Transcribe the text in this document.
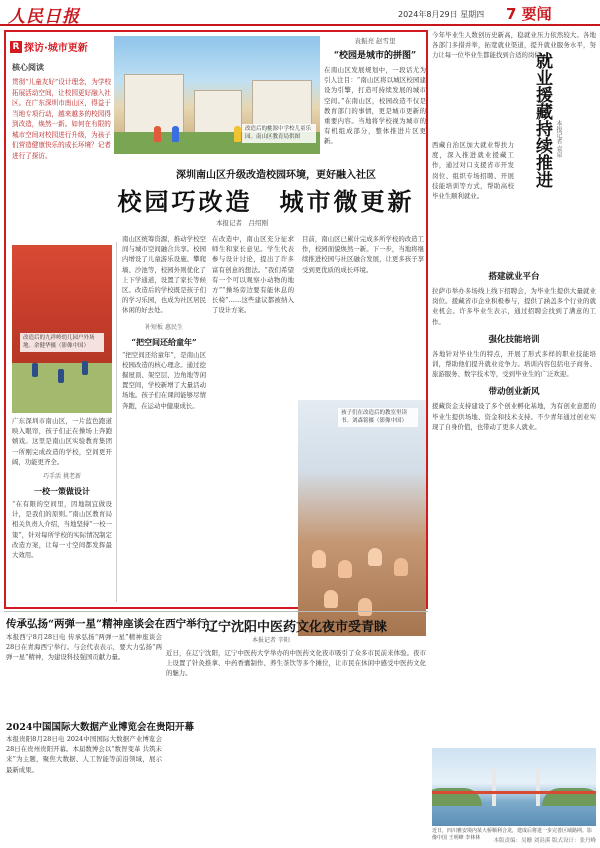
人民日报	2024年8月29日 星期四 7 要闻
R 探访·城市更新
核心阅读
贯彻“儿童友好”设计理念，为学校拓展活动空间，让校园更好融入社区。在广东深圳市南山区，得益于当地专项行动，越来越多的校园得到改造，焕然一新。如何在有限的城市空间对校园进行升级，为孩子们营造健康快乐的成长环境？记者进行了探访。
改造后的桃源中学校儿童乐园。南山区教育局供图
袁振亮 赵雪里
“校园是城市的拼图”
在南山区发展规划中，一段话尤为引人注目：“南山区将以城区校园建设为引擎，打造可持续发展的城市空间。”在南山区，校园改造不仅是教育部门的事情，更是城市更新的重要内容。当地将学校视为城市的有机组成部分，整体推进片区更新。
深圳南山区升级改造校园环境，更好融入社区
校园巧改造　城市微更新
本报记者　吕绍刚
改造后的九祥岭幼儿园户外场地。余健华摄（影像中国）
广东深圳市南山区，一片蓝色跑道映入眼帘，孩子们正在操场上奔跑嬉戏。这里是南山区实验教育集团一所刚完成改造的学校，空间更开阔，功能更齐全。
巧手活 挑老新
一校一策做设计
“在有限的空间里，因地制宜做设计，是我们的原则。”南山区教育局相关负责人介绍，当地坚持“一校一策”，针对每所学校的实际情况制定改造方案，让每一寸空间都发挥最大效用。
南山区统筹资源，推动学校空间与城市空间融合共享。校园内增设了儿童游乐设施、攀爬墙、沙池等，校园外则优化了上下学通道，设置了家长等候区。改造后的学校既是孩子们的学习乐园，也成为社区居民休闲的好去处。
补短板 惠民生
“把空间还给童年”
“把空间还给童年”，是南山区校园改造的核心理念。通过挖掘屋顶、架空层、边角地等闲置空间，学校新增了大量活动场地。孩子们在课间能够尽情奔跑，在运动中健康成长。
在改造中，南山区充分征求师生和家长意见。学生代表参与设计讨论，提出了许多富有创意的想法。“我们希望有一个可以观察小动物的地方”“操场旁边要有能休息的长椅”……这些建议都被纳入了设计方案。
目前，南山区已累计完成多所学校的改造工作，校园面貌焕然一新。下一步，当地将继续推进校园与社区融合发展，让更多孩子享受到更优质的成长环境。
孩子们在改造后的教室里读书。刘森铭摄（影像中国）
今年毕业生人数创历史新高，稳就业压力依然较大。各地各部门多措并举，拓宽就业渠道，提升就业服务水平，努力让每一位毕业生都能找到合适的岗位。
就业援藏持续推进 本报记者 袁泉
西藏自治区加大就业帮扶力度，深入推进就业援藏工作，通过对口支援省市开发岗位、组织专场招聘、开展技能培训等方式，帮助高校毕业生顺利就业。
搭建就业平台
拉萨市举办多场线上线下招聘会，为毕业生提供大量就业岗位。援藏省市企业积极参与，提供了涵盖多个行业的就业机会。许多毕业生表示，通过招聘会找到了满意的工作。
强化技能培训
各地针对毕业生的特点，开展了形式多样的职业技能培训，帮助他们提升就业竞争力。培训内容包括电子商务、旅游服务、数字技术等，受到毕业生的广泛欢迎。
带动创业新风
援藏资金支持建设了多个创业孵化基地，为有创业意愿的毕业生提供场地、资金和技术支持。不少青年通过创业实现了自身价值，也带动了更多人就业。
近日，四川雅安境内某大桥顺利合龙，建成后将进一步完善区域路网。影像中国 王明峰 李林林
传承弘扬“两弹一星”精神座谈会在西宁举行
本报西宁8月28日电 传承弘扬“两弹一星”精神座谈会28日在青海西宁举行。与会代表表示，要大力弘扬“两弹一星”精神，为建设科技强国贡献力量。
辽宁沈阳中医药文化夜市受青睐
本报记者 辛阳
近日，在辽宁沈阳，辽宁中医药大学举办的中医药文化夜市吸引了众多市民前来体验。夜市上设置了针灸推拿、中药香囊制作、养生茶饮等多个摊位，让市民在休闲中感受中医药文化的魅力。
2024中国国际大数据产业博览会在贵阳开幕
本报贵阳8月28日电 2024中国国际大数据产业博览会28日在贵州贵阳开幕。本届数博会以“数智变革 共筑未来”为主题，聚焦大数据、人工智能等前沿领域，展示最新成果。
本版责编：吴姗 刘涓溪 版式设计：张丹峰
